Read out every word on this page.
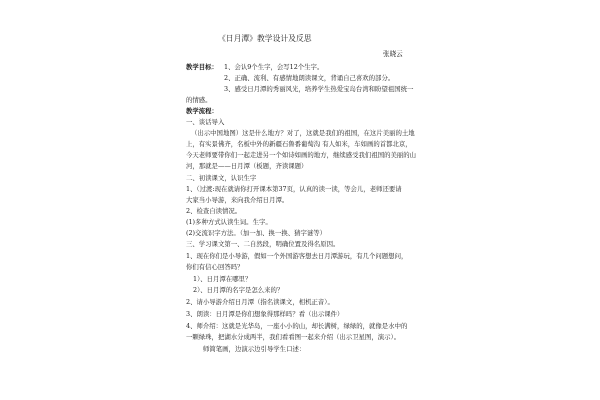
《日月潭》教学设计及反思
张晓云
教学目标： 1、会认9个生字，会写12个生字。
2、正确、流利、有感情地朗读课文，背诵自己喜欢的部分。
3、感受日月潭的秀丽风光，培养学生热爱宝岛台湾和盼望祖国统一
的情感。
教学流程：
一、谈话导入
（出示中国地图）这是什么地方？对了，这就是我们的祖国，在这片美丽的土地
上，有实景佛齐，名板中外的新疆石鲁番葡萄沟 有人如米，车如画的首都北京，
今天老师要带你们一起走进另一个如诗如画的地方，继续感受我们祖国的美丽的山
河，那就是——日月潭（板题，齐读课题）
二、初读课文，认识生字
1、（过渡:现在就请你打开课本第37页，认真的读一读，等会儿，老师还要请
大家当小导游，来向我介绍日月潭。
2、检查自读情况。
(1)多种方式认读生词。生字。
(2)交流识字方法。（加一加、换一换、猜字谜等）
三、学习课文第一、二自然段，明确位置及得名原因。
1、现在你们是小导游，假如一个外国游客想去日月潭游玩，有几个问题想问，
你们有信心回答吗？
1）、日月潭在哪里？
2）、日月潭的名字是怎么来的？
2、请小导游介绍日月潭（指名读课文，相机正音）。
3、朗读：日月潭是你们想象得那样吗？看（出示课件）
4、师介绍：这就是光华岛，一座小小的山，却长满树，绿绿的，就像是水中的
一颗绿珠，把湖水分成两半，我们看看图一起来介绍（出示卫星图，演示）。
师简笔画，边演示边引导学生口述：
